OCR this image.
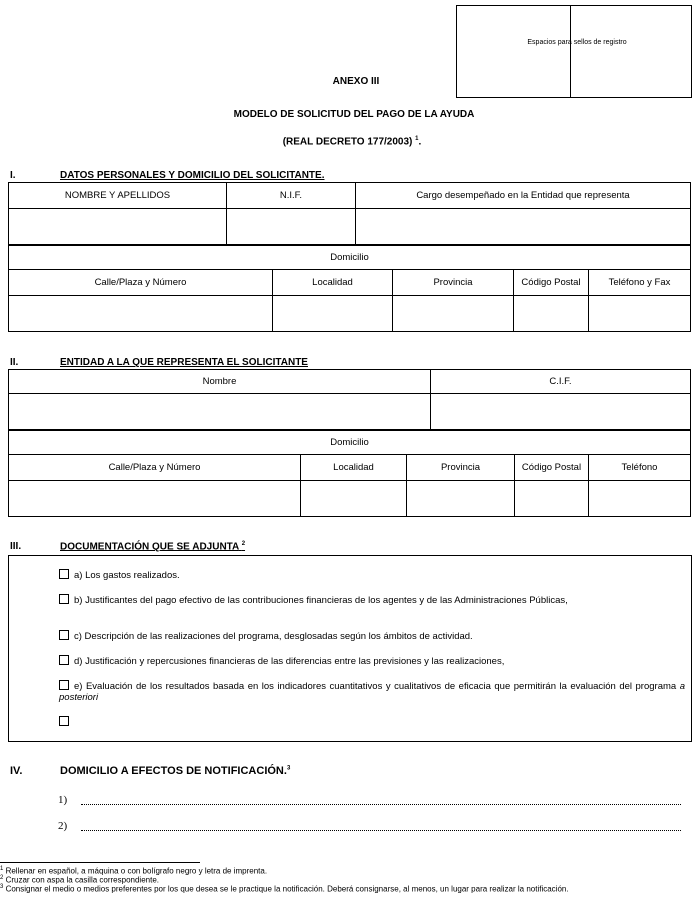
Espacios para sellos de registro
ANEXO III
MODELO DE SOLICITUD DEL PAGO DE LA AYUDA
(REAL DECRETO 177/2003) $^1$.
I.	DATOS PERSONALES Y DOMICILIO DEL SOLICITANTE.
NOMBRE Y APELLIDOS	N.I.F.	Cargo desempeñado en la Entidad que representa

Domicilio				
Calle/Plaza y Número	Localidad	Provincia	Código Postal	Teléfono y Fax

II.	ENTIDAD A LA QUE REPRESENTA EL SOLICITANTE
Nombre	C.I.F.

Domicilio				
Calle/Plaza y Número	Localidad	Provincia	Código Postal	Teléfono

III.	DOCUMENTACIÓN QUE SE ADJUNTA $^2$
a) Los gastos realizados.
b) Justificantes del pago efectivo de las contribuciones financieras de los agentes y de las Administraciones Públicas,
c) Descripción de las realizaciones del programa, desglosadas según los ámbitos de actividad.
d) Justificación y repercusiones financieras de las diferencias entre las previsiones y las realizaciones,
e) Evaluación de los resultados basada en los indicadores cuantitativos y cualitativos de eficacia que permitirán la evaluación del programa a posteriori
IV.	DOMICILIO A EFECTOS DE NOTIFICACIÓN.$^3$
1)
2)
$^1$ Rellenar en español, a máquina o con bolígrafo negro y letra de imprenta.
$^2$ Cruzar con aspa la casilla correspondiente.
$^3$ Consignar el medio o medios preferentes por los que desea se le practique la notificación. Deberá consignarse, al menos, un lugar para realizar la notificación.
